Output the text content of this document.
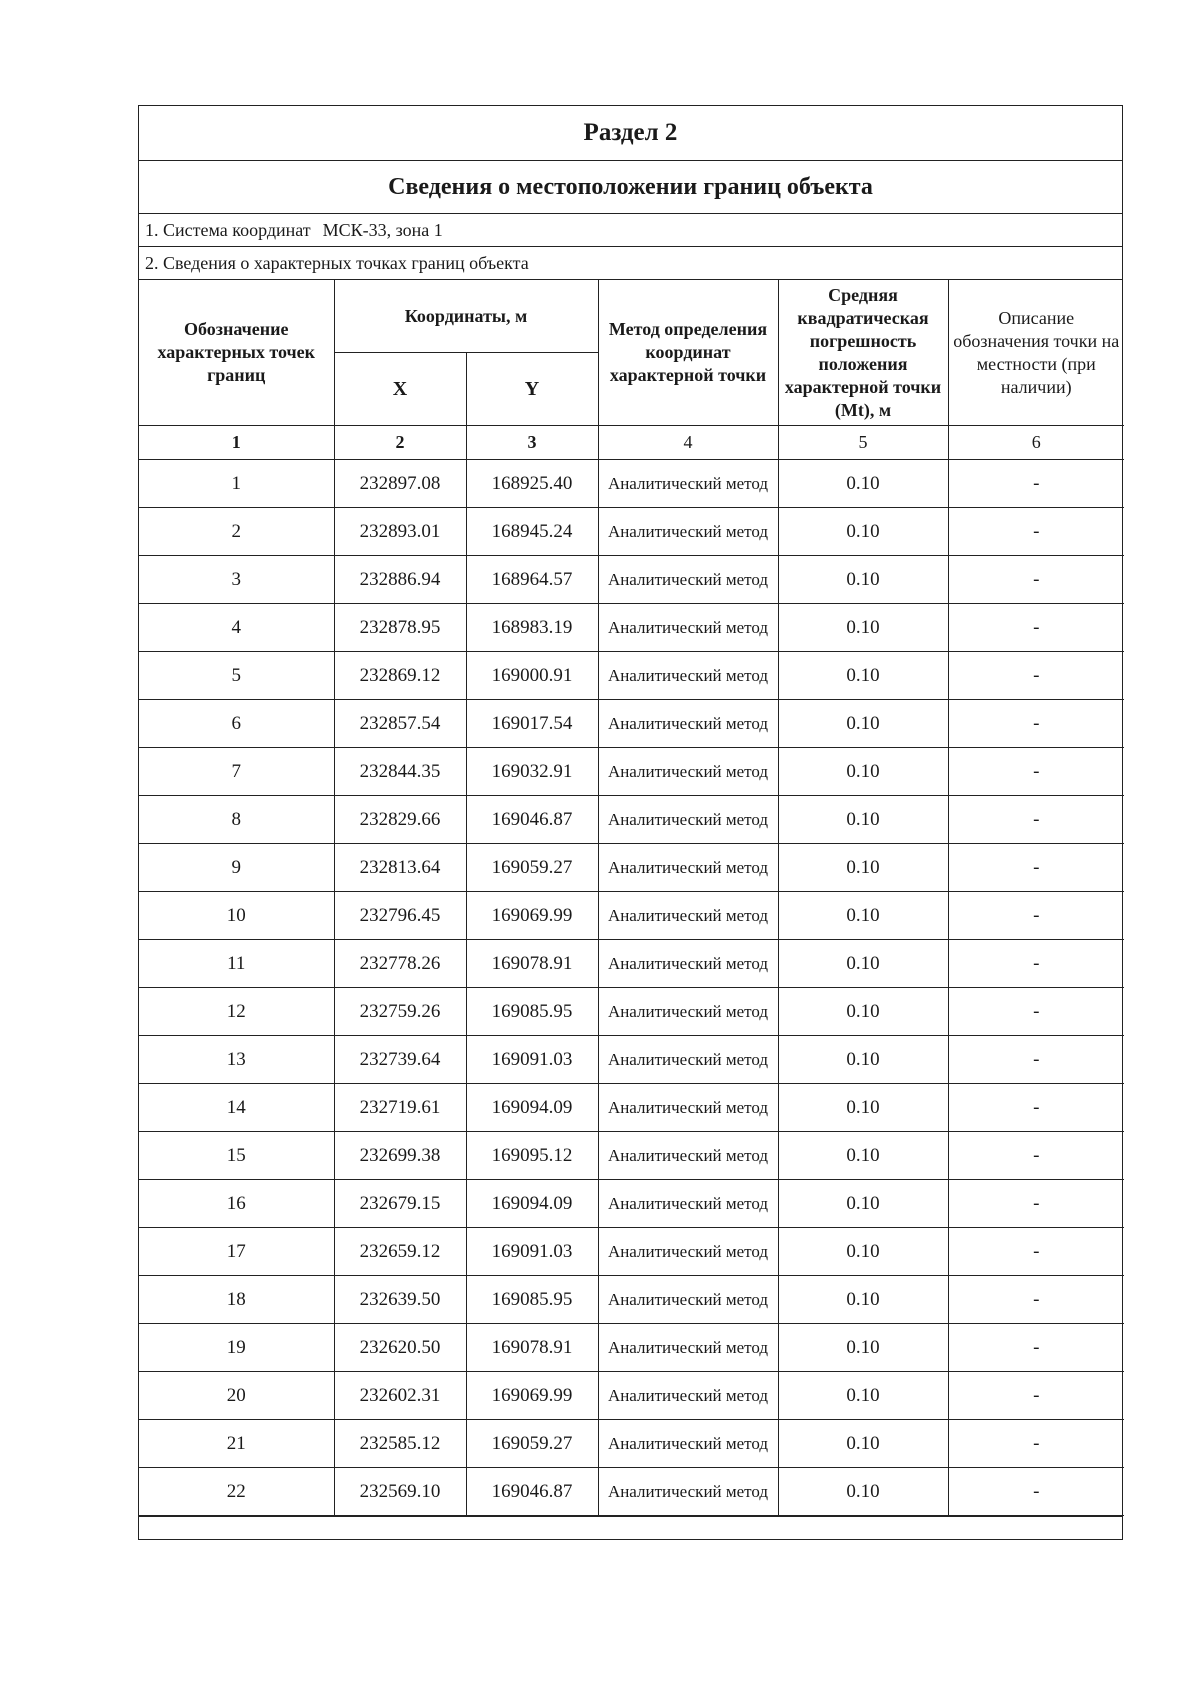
Раздел 2
Сведения о местоположении границ объекта
1. Система координат МСК-33, зона 1
2. Сведения о характерных точках границ объекта
Обозначение характерных точек границ	Координаты, м		Метод определения координат характерной точки	Средняя квадратическая погрешность положения характерной точки (Mt), м	Описание обозначения точки на местности (при наличии)
	X	Y			
1	2	3	4	5	6
1	232897.08	168925.40	Аналитический метод	0.10	-
2	232893.01	168945.24	Аналитический метод	0.10	-
3	232886.94	168964.57	Аналитический метод	0.10	-
4	232878.95	168983.19	Аналитический метод	0.10	-
5	232869.12	169000.91	Аналитический метод	0.10	-
6	232857.54	169017.54	Аналитический метод	0.10	-
7	232844.35	169032.91	Аналитический метод	0.10	-
8	232829.66	169046.87	Аналитический метод	0.10	-
9	232813.64	169059.27	Аналитический метод	0.10	-
10	232796.45	169069.99	Аналитический метод	0.10	-
11	232778.26	169078.91	Аналитический метод	0.10	-
12	232759.26	169085.95	Аналитический метод	0.10	-
13	232739.64	169091.03	Аналитический метод	0.10	-
14	232719.61	169094.09	Аналитический метод	0.10	-
15	232699.38	169095.12	Аналитический метод	0.10	-
16	232679.15	169094.09	Аналитический метод	0.10	-
17	232659.12	169091.03	Аналитический метод	0.10	-
18	232639.50	169085.95	Аналитический метод	0.10	-
19	232620.50	169078.91	Аналитический метод	0.10	-
20	232602.31	169069.99	Аналитический метод	0.10	-
21	232585.12	169059.27	Аналитический метод	0.10	-
22	232569.10	169046.87	Аналитический метод	0.10	-
